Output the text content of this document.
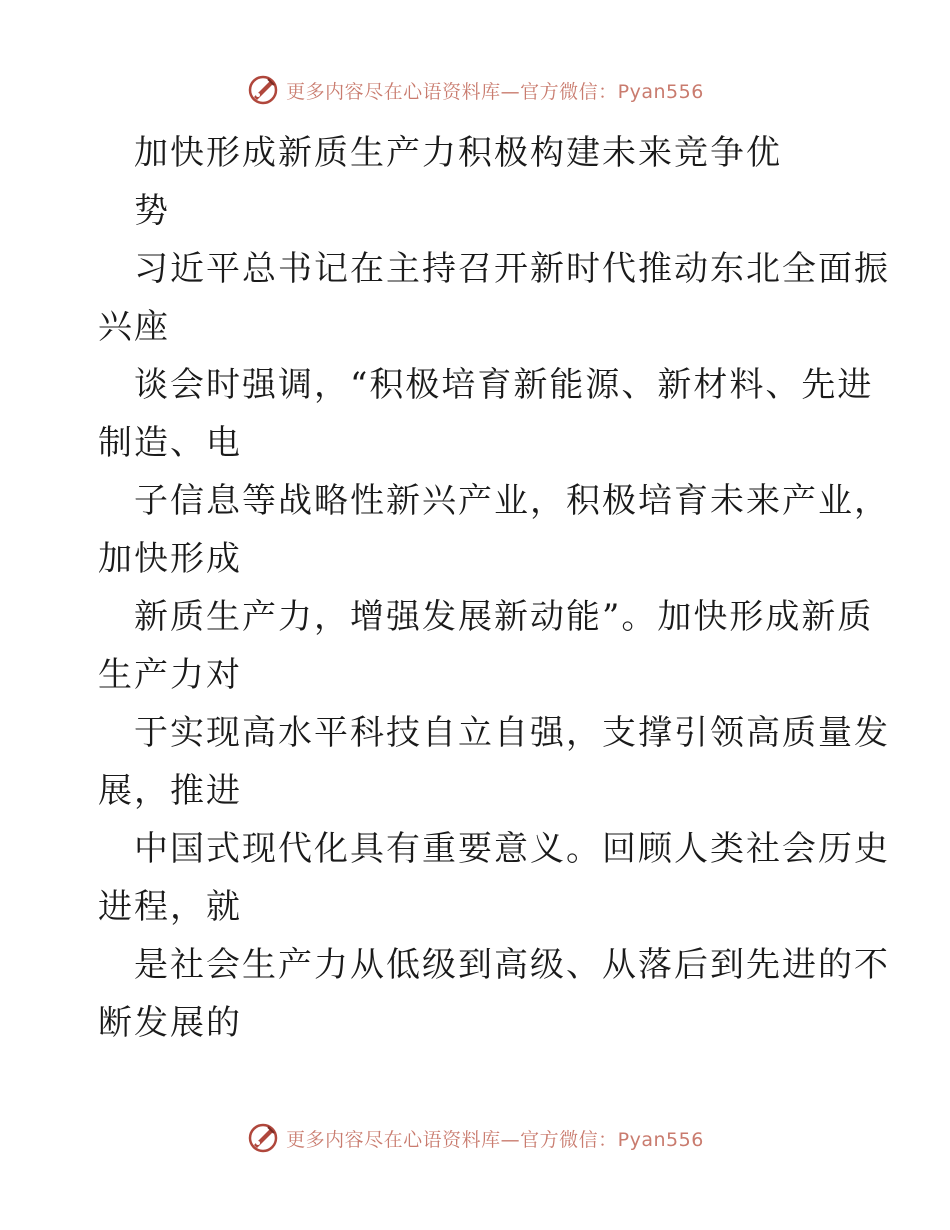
更多内容尽在心语资料库—官方微信：Pyan556
加快形成新质生产力积极构建未来竞争优
势
习近平总书记在主持召开新时代推动东北全面振
兴座
谈会时强调，“积极培育新能源、新材料、先进
制造、电
子信息等战略性新兴产业，积极培育未来产业，
加快形成
新质生产力，增强发展新动能”。加快形成新质
生产力对
于实现高水平科技自立自强，支撑引领高质量发
展，推进
中国式现代化具有重要意义。回顾人类社会历史
进程，就
是社会生产力从低级到高级、从落后到先进的不
断发展的
更多内容尽在心语资料库—官方微信：Pyan556
